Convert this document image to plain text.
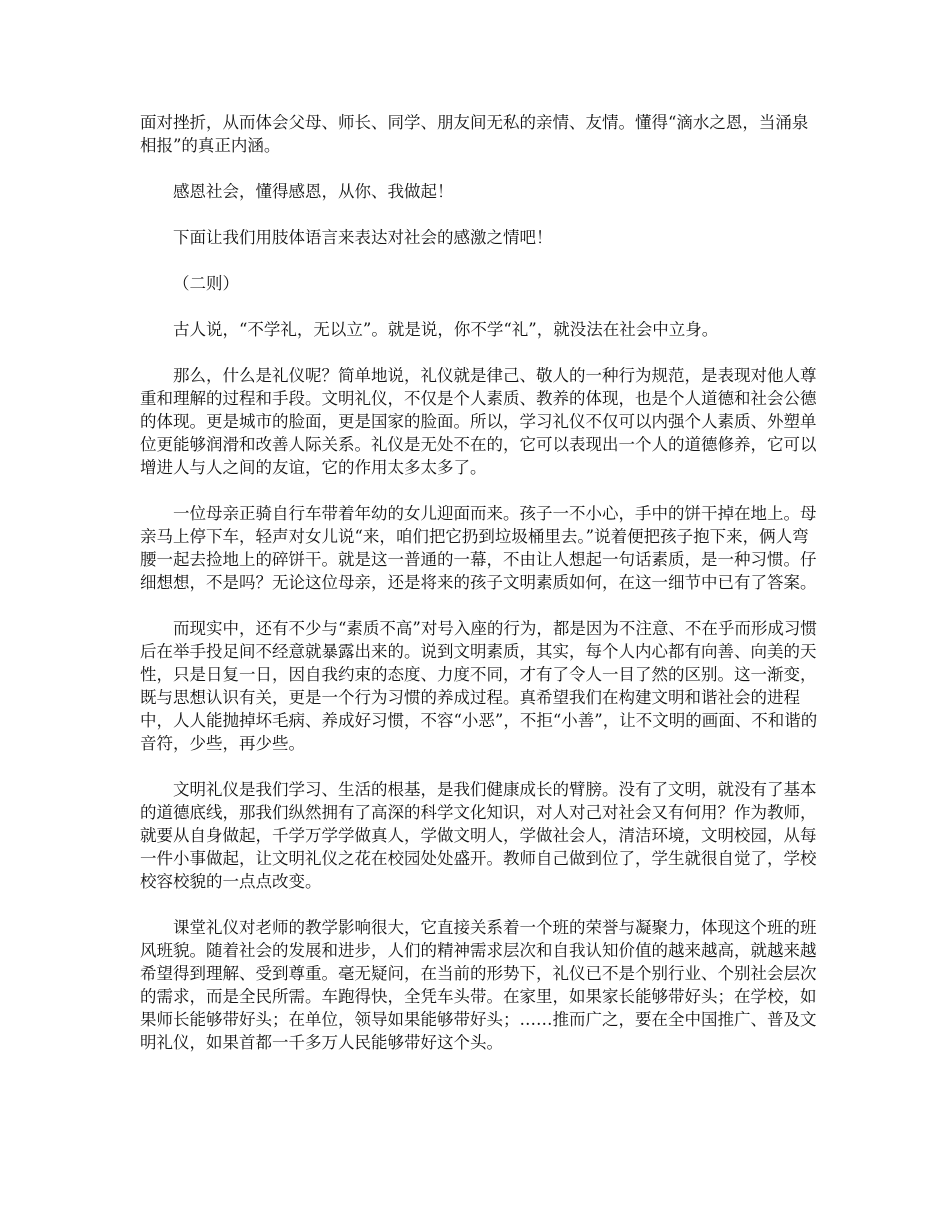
面对挫折，从而体会父母、师长、同学、朋友间无私的亲情、友情。懂得“滴水之恩，当涌泉相报”的真正内涵。

感恩社会，懂得感恩，从你、我做起！

下面让我们用肢体语言来表达对社会的感激之情吧！

（二则）

古人说，“不学礼，无以立”。就是说，你不学“礼”，就没法在社会中立身。

那么，什么是礼仪呢？简单地说，礼仪就是律己、敬人的一种行为规范，是表现对他人尊重和理解的过程和手段。文明礼仪，不仅是个人素质、教养的体现，也是个人道德和社会公德的体现。更是城市的脸面，更是国家的脸面。所以，学习礼仪不仅可以内强个人素质、外塑单位更能够润滑和改善人际关系。礼仪是无处不在的，它可以表现出一个人的道德修养，它可以增进人与人之间的友谊，它的作用太多太多了。

一位母亲正骑自行车带着年幼的女儿迎面而来。孩子一不小心，手中的饼干掉在地上。母亲马上停下车，轻声对女儿说“来，咱们把它扔到垃圾桶里去。”说着便把孩子抱下来，俩人弯腰一起去捡地上的碎饼干。就是这一普通的一幕，不由让人想起一句话素质，是一种习惯。仔细想想，不是吗？无论这位母亲，还是将来的孩子文明素质如何，在这一细节中已有了答案。

而现实中，还有不少与“素质不高”对号入座的行为，都是因为不注意、不在乎而形成习惯后在举手投足间不经意就暴露出来的。说到文明素质，其实，每个人内心都有向善、向美的天性，只是日复一日，因自我约束的态度、力度不同，才有了令人一目了然的区别。这一渐变，既与思想认识有关，更是一个行为习惯的养成过程。真希望我们在构建文明和谐社会的进程中，人人能抛掉坏毛病、养成好习惯，不容“小恶”，不拒“小善”，让不文明的画面、不和谐的音符，少些，再少些。

文明礼仪是我们学习、生活的根基，是我们健康成长的臂膀。没有了文明，就没有了基本的道德底线，那我们纵然拥有了高深的科学文化知识，对人对己对社会又有何用？作为教师，就要从自身做起，千学万学学做真人，学做文明人，学做社会人，清洁环境，文明校园，从每一件小事做起，让文明礼仪之花在校园处处盛开。教师自己做到位了，学生就很自觉了，学校校容校貌的一点点改变。

课堂礼仪对老师的教学影响很大，它直接关系着一个班的荣誉与凝聚力，体现这个班的班风班貌。随着社会的发展和进步，人们的精神需求层次和自我认知价值的越来越高，就越来越希望得到理解、受到尊重。毫无疑问，在当前的形势下，礼仪已不是个别行业、个别社会层次的需求，而是全民所需。车跑得快，全凭车头带。在家里，如果家长能够带好头；在学校，如果师长能够带好头；在单位，领导如果能够带好头；……推而广之，要在全中国推广、普及文明礼仪，如果首都一千多万人民能够带好这个头。
